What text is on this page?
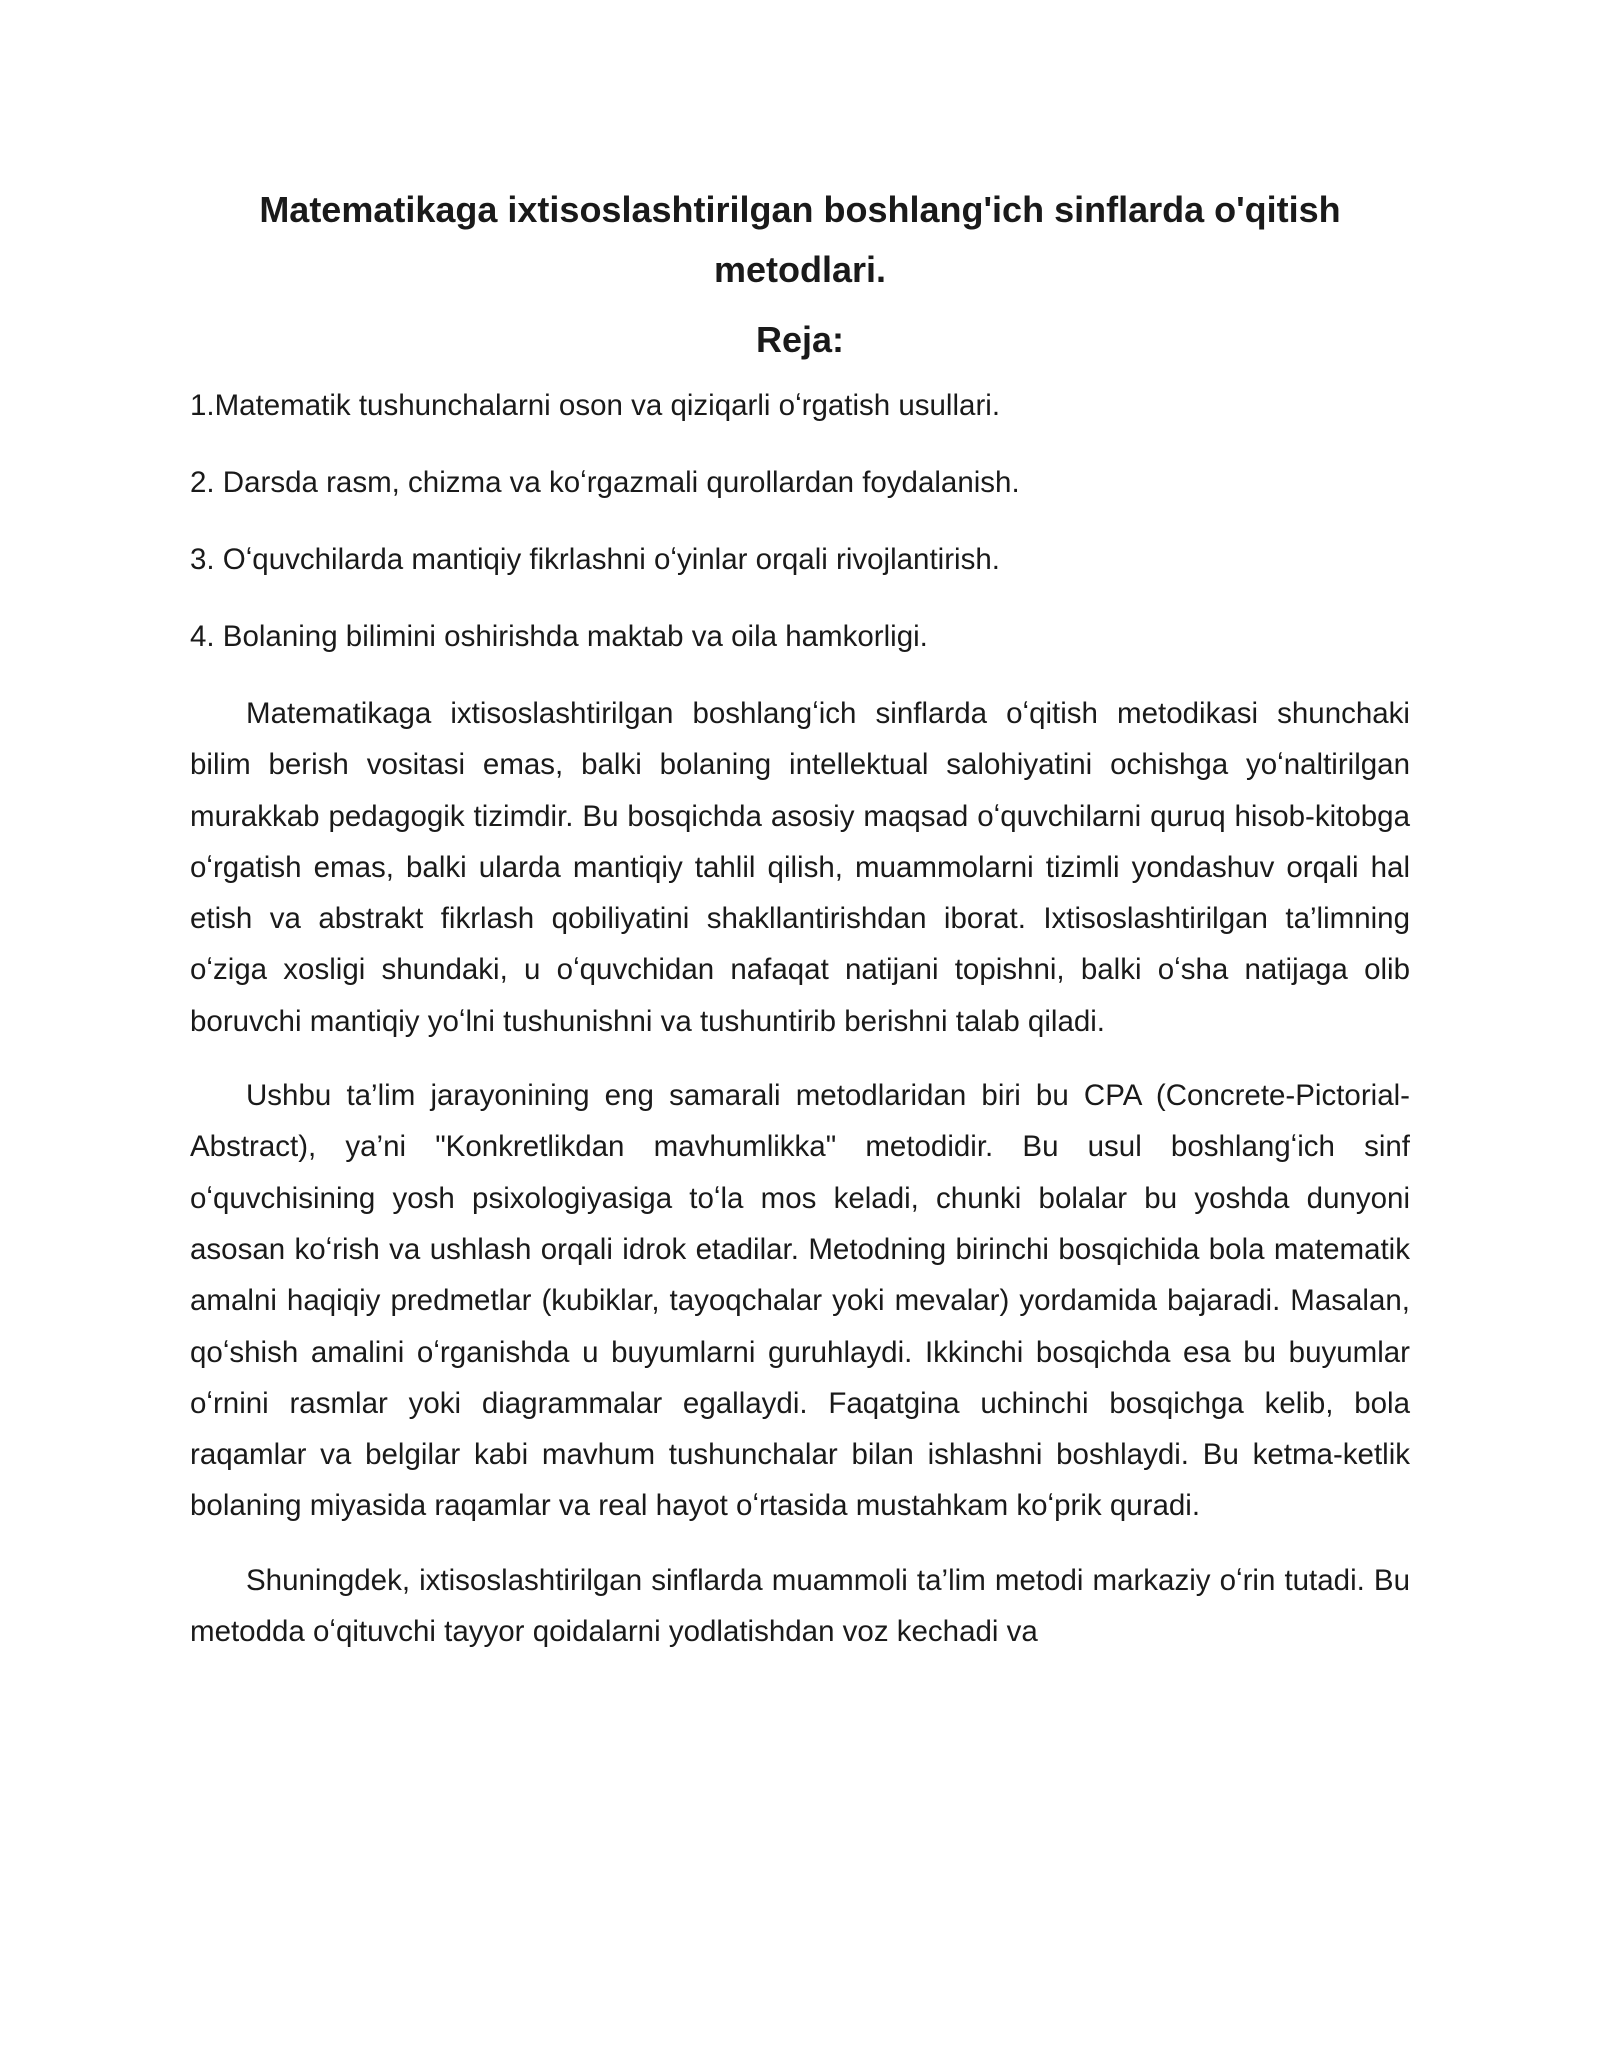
Matematikaga ixtisoslashtirilgan boshlang'ich sinflarda o'qitish metodlari.
Reja:
1.Matematik tushunchalarni oson va qiziqarli oʻrgatish usullari.
2. Darsda rasm, chizma va koʻrgazmali qurollardan foydalanish.
3. Oʻquvchilarda mantiqiy fikrlashni oʻyinlar orqali rivojlantirish.
4. Bolaning bilimini oshirishda maktab va oila hamkorligi.

Matematikaga ixtisoslashtirilgan boshlangʻich sinflarda oʻqitish metodikasi shunchaki bilim berish vositasi emas, balki bolaning intellektual salohiyatini ochishga yoʻnaltirilgan murakkab pedagogik tizimdir. Bu bosqichda asosiy maqsad oʻquvchilarni quruq hisob-kitobga oʻrgatish emas, balki ularda mantiqiy tahlil qilish, muammolarni tizimli yondashuv orqali hal etish va abstrakt fikrlash qobiliyatini shakllantirishdan iborat. Ixtisoslashtirilgan ta’limning oʻziga xosligi shundaki, u oʻquvchidan nafaqat natijani topishni, balki oʻsha natijaga olib boruvchi mantiqiy yoʻlni tushunishni va tushuntirib berishni talab qiladi.

Ushbu ta’lim jarayonining eng samarali metodlaridan biri bu CPA (Concrete-Pictorial-Abstract), ya’ni "Konkretlikdan mavhumlikka" metodidir. Bu usul boshlangʻich sinf oʻquvchisining yosh psixologiyasiga toʻla mos keladi, chunki bolalar bu yoshda dunyoni asosan koʻrish va ushlash orqali idrok etadilar. Metodning birinchi bosqichida bola matematik amalni haqiqiy predmetlar (kubiklar, tayoqchalar yoki mevalar) yordamida bajaradi. Masalan, qoʻshish amalini oʻrganishda u buyumlarni guruhlaydi. Ikkinchi bosqichda esa bu buyumlar oʻrnini rasmlar yoki diagrammalar egallaydi. Faqatgina uchinchi bosqichga kelib, bola raqamlar va belgilar kabi mavhum tushunchalar bilan ishlashni boshlaydi. Bu ketma-ketlik bolaning miyasida raqamlar va real hayot oʻrtasida mustahkam koʻprik quradi.

Shuningdek, ixtisoslashtirilgan sinflarda muammoli ta’lim metodi markaziy oʻrin tutadi. Bu metodda oʻqituvchi tayyor qoidalarni yodlatishdan voz kechadi va
